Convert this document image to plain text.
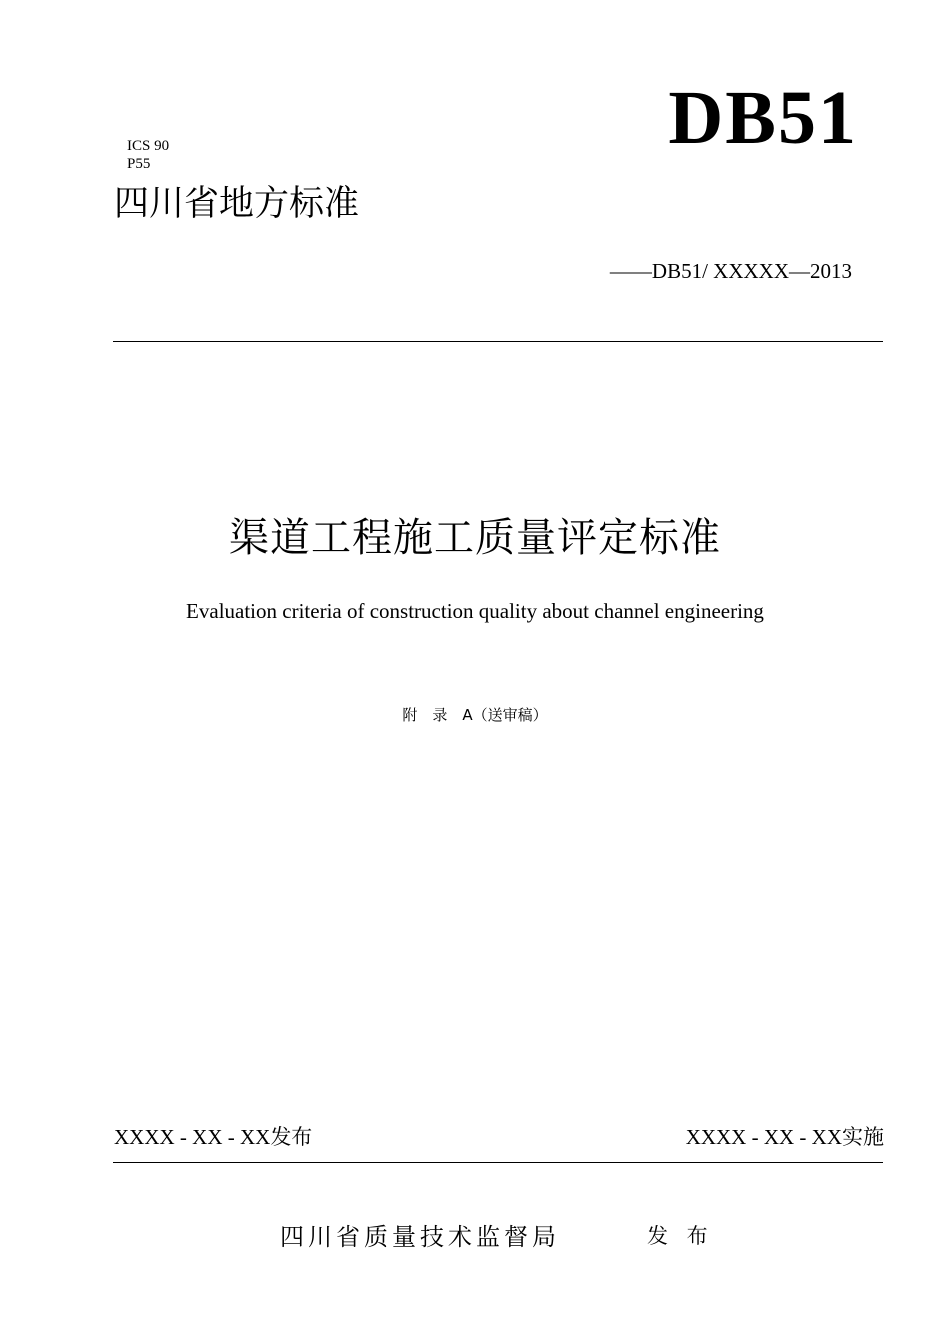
ICS 90
P55
DB51
四川省地方标准
——DB51/ XXXXX—2013
渠道工程施工质量评定标准
Evaluation criteria of construction quality about channel engineering
附　录　A（送审稿）
XXXX - XX - XX发布	XXXX - XX - XX实施
四川省质量技术监督局	发 布
